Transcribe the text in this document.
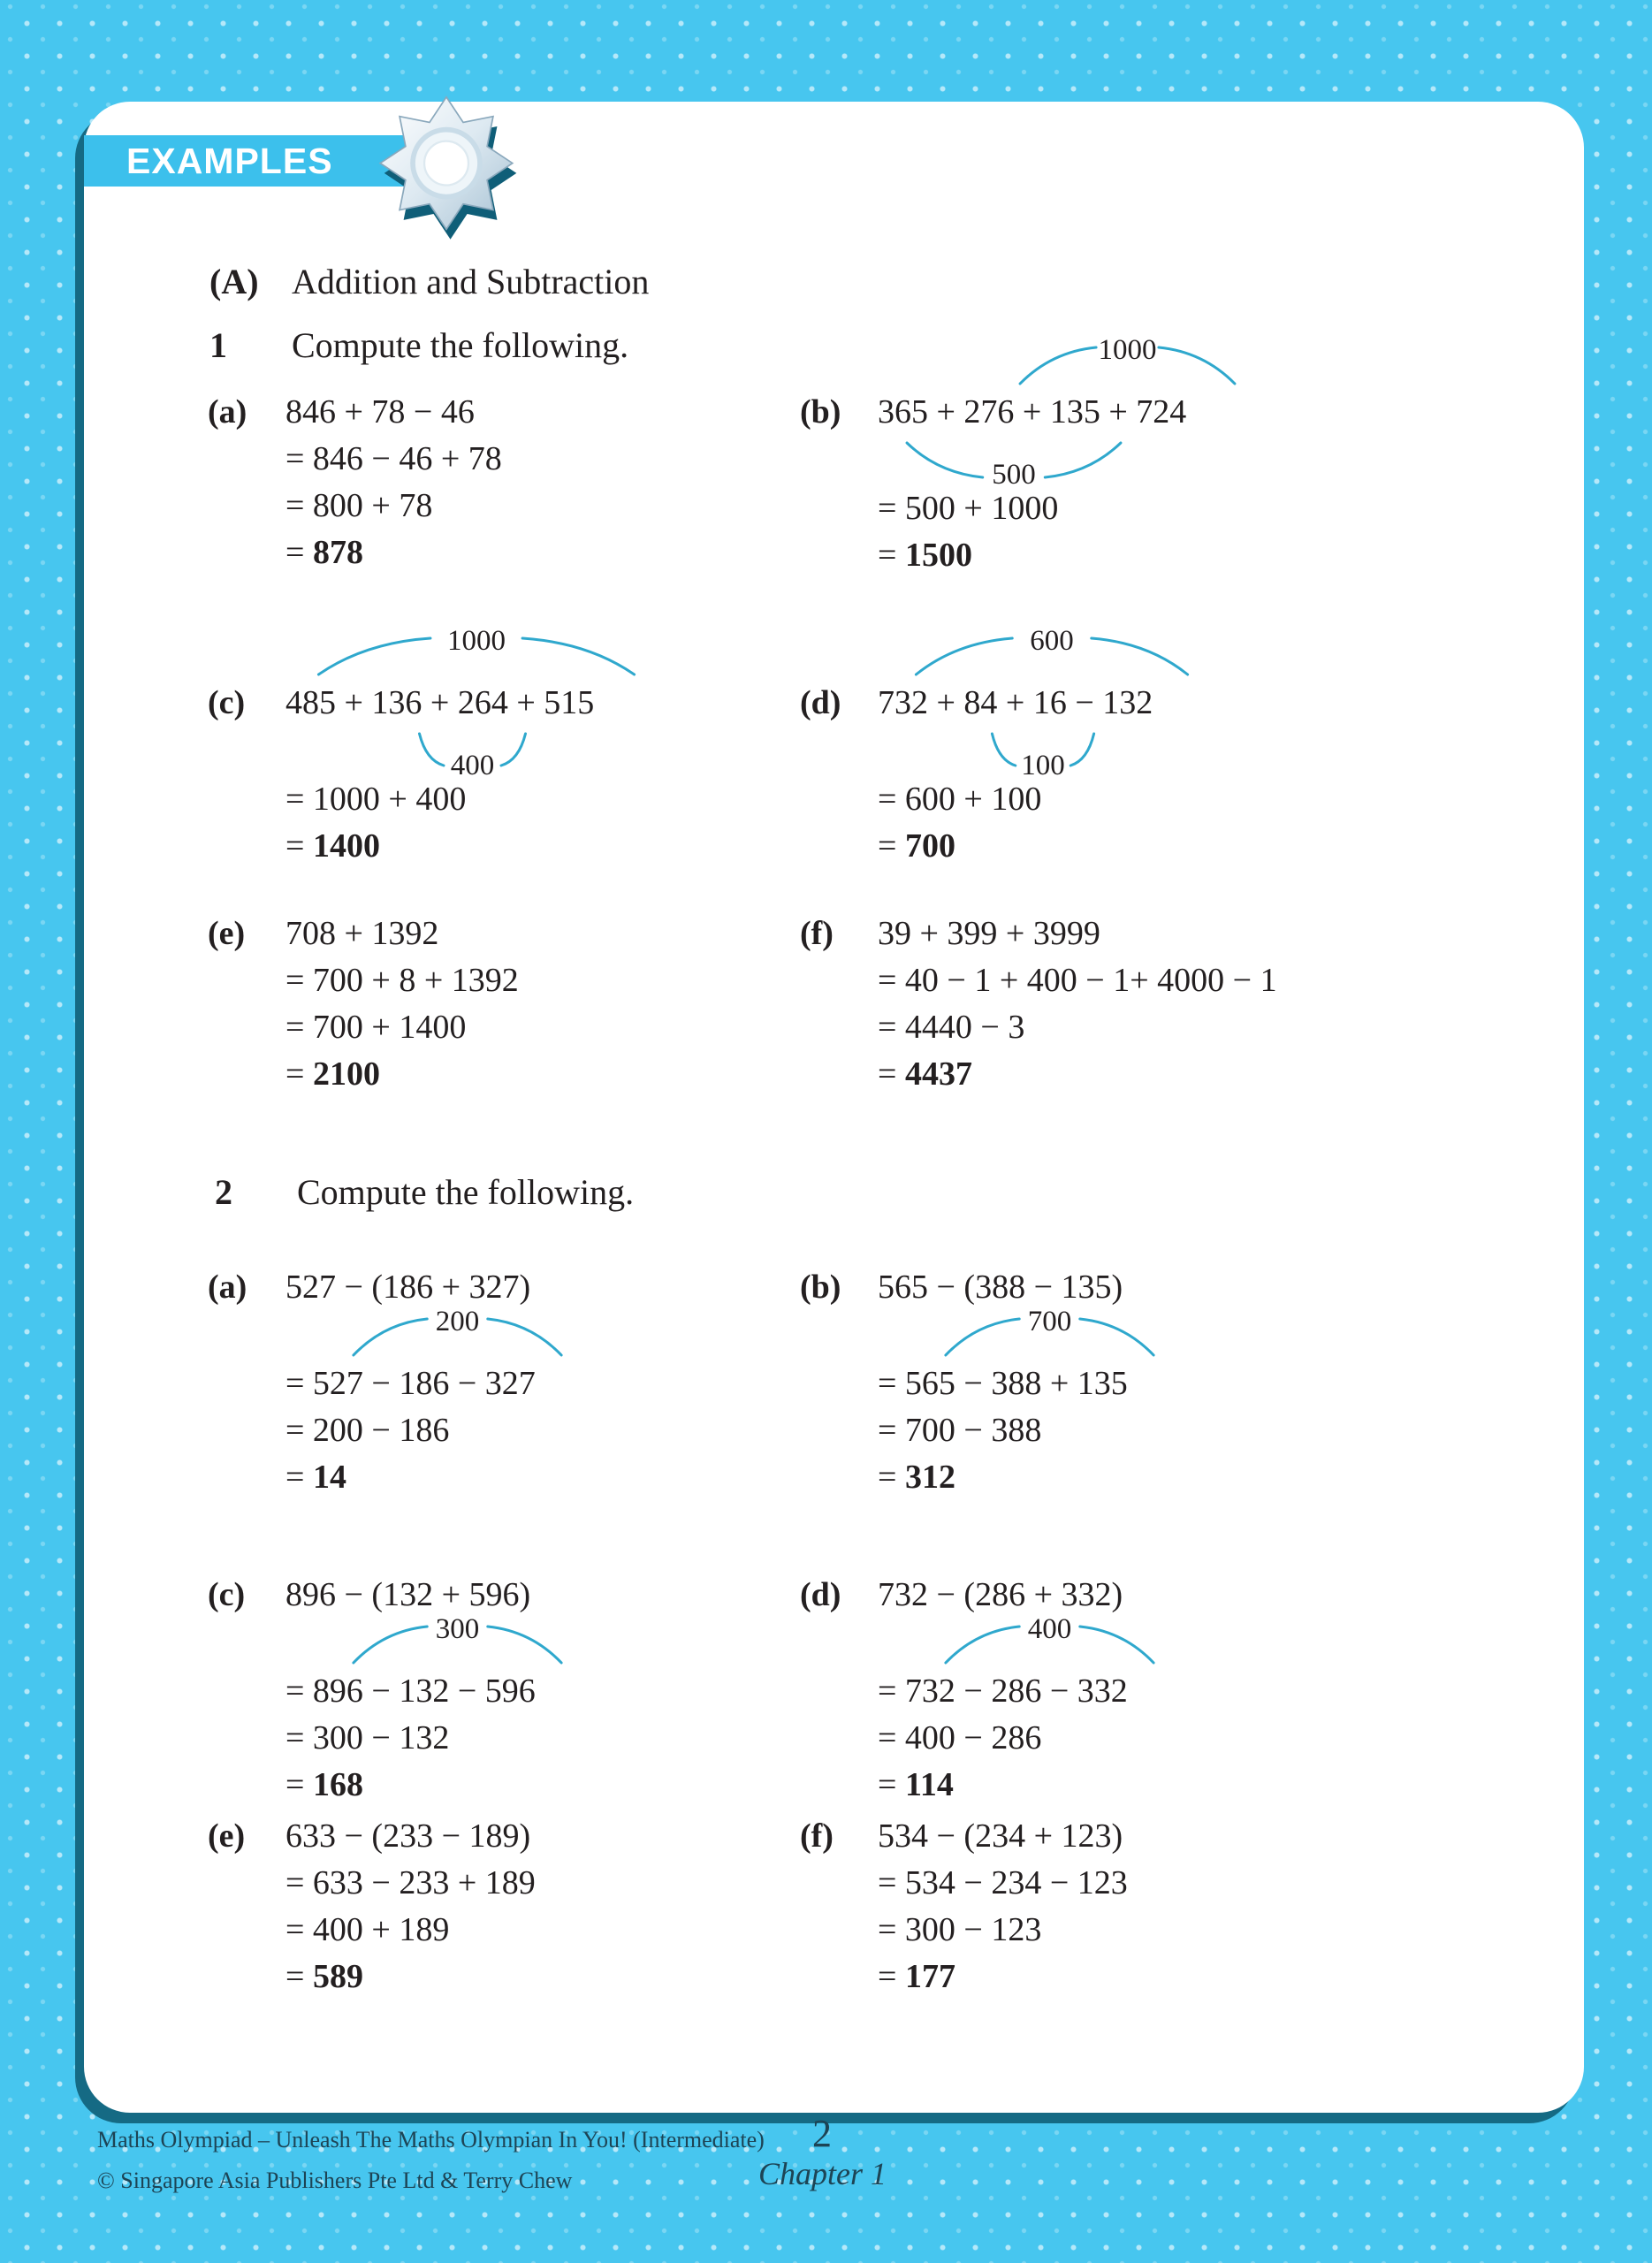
EXAMPLES
(A) Addition and Subtraction
1 Compute the following.
(a) 846 + 78 − 46
= 846 − 46 + 78
= 800 + 78
= 878
1000
(b) 365 + 276 + 135 + 724
500
= 500 + 1000
= 1500
1000
(c) 485 + 136 + 264 + 515
400
= 1000 + 400
= 1400
600
(d) 732 + 84 + 16 − 132
100
= 600 + 100
= 700
(e) 708 + 1392
= 700 + 8 + 1392
= 700 + 1400
= 2100
(f) 39 + 399 + 3999
= 40 − 1 + 400 − 1+ 4000 − 1
= 4440 − 3
= 4437
2 Compute the following.
(a) 527 − (186 + 327)
200
= 527 − 186 − 327
= 200 − 186
= 14
(b) 565 − (388 − 135)
700
= 565 − 388 + 135
= 700 − 388
= 312
(c) 896 − (132 + 596)
300
= 896 − 132 − 596
= 300 − 132
= 168
(d) 732 − (286 + 332)
400
= 732 − 286 − 332
= 400 − 286
= 114
(e) 633 − (233 − 189)
= 633 − 233 + 189
= 400 + 189
= 589
(f) 534 − (234 + 123)
= 534 − 234 − 123
= 300 − 123
= 177
Maths Olympiad – Unleash The Maths Olympian In You! (Intermediate)
© Singapore Asia Publishers Pte Ltd & Terry Chew
2
Chapter 1
